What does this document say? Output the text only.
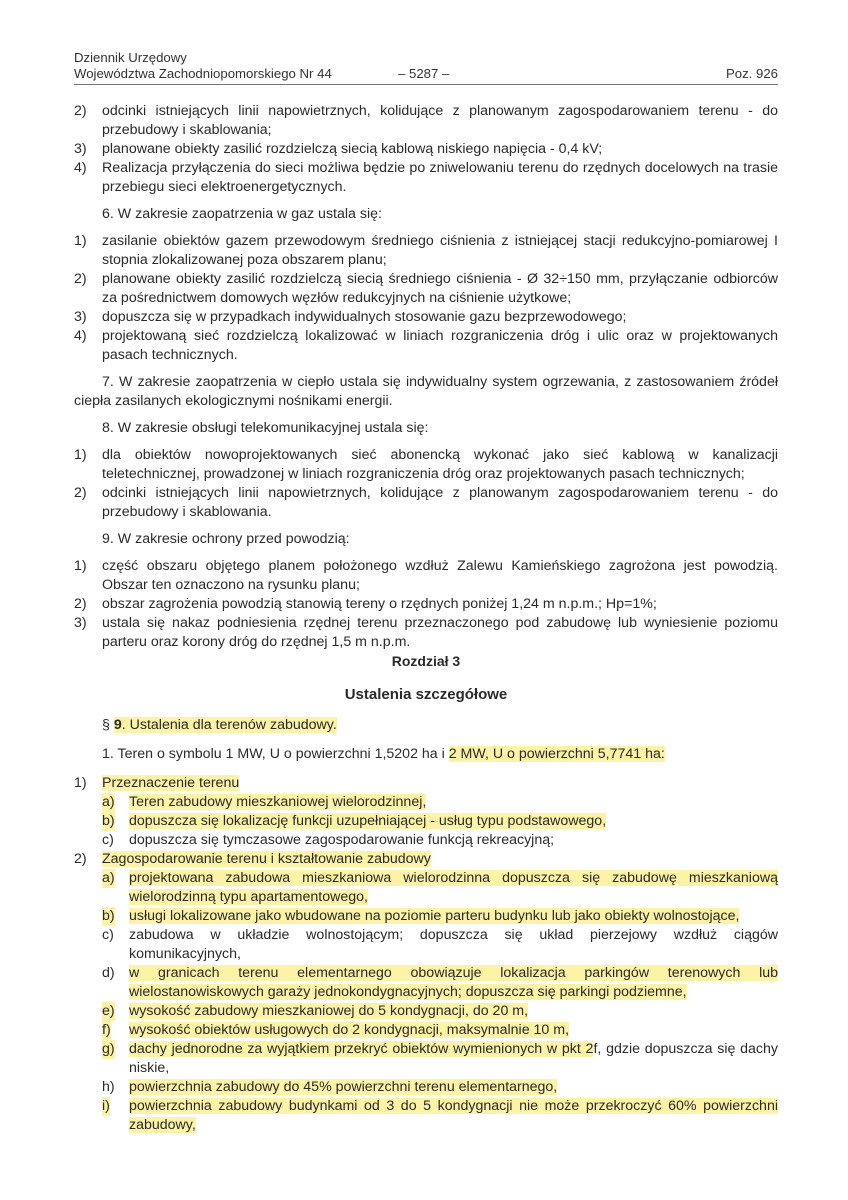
Dziennik Urzędowy
Województwa Zachodniopomorskiego Nr 44	– 5287 –	Poz. 926
2) odcinki istniejących linii napowietrznych, kolidujące z planowanym zagospodarowaniem terenu - do przebudowy i skablowania;
3) planowane obiekty zasilić rozdzielczą siecią kablową niskiego napięcia - 0,4 kV;
4) Realizacja przyłączenia do sieci możliwa będzie po zniwelowaniu terenu do rzędnych docelowych na trasie przebiegu sieci elektroenergetycznych.
6. W zakresie zaopatrzenia w gaz ustala się:
1) zasilanie obiektów gazem przewodowym średniego ciśnienia z istniejącej stacji redukcyjno-pomiarowej I stopnia zlokalizowanej poza obszarem planu;
2) planowane obiekty zasilić rozdzielczą siecią średniego ciśnienia - Ø 32÷150 mm, przyłączanie odbiorców za pośrednictwem domowych węzłów redukcyjnych na ciśnienie użytkowe;
3) dopuszcza się w przypadkach indywidualnych stosowanie gazu bezprzewodowego;
4) projektowaną sieć rozdzielczą lokalizować w liniach rozgraniczenia dróg i ulic oraz w projektowanych pasach technicznych.
7. W zakresie zaopatrzenia w ciepło ustala się indywidualny system ogrzewania, z zastosowaniem źródeł ciepła zasilanych ekologicznymi nośnikami energii.
8. W zakresie obsługi telekomunikacyjnej ustala się:
1) dla obiektów nowoprojektowanych sieć abonencką wykonać jako sieć kablową w kanalizacji teletechnicznej, prowadzonej w liniach rozgraniczenia dróg oraz projektowanych pasach technicznych;
2) odcinki istniejących linii napowietrznych, kolidujące z planowanym zagospodarowaniem terenu - do przebudowy i skablowania.
9. W zakresie ochrony przed powodzią:
1) część obszaru objętego planem położonego wzdłuż Zalewu Kamieńskiego zagrożona jest powodzią. Obszar ten oznaczono na rysunku planu;
2) obszar zagrożenia powodzią stanowią tereny o rzędnych poniżej 1,24 m n.p.m.; Hp=1%;
3) ustala się nakaz podniesienia rzędnej terenu przeznaczonego pod zabudowę lub wyniesienie poziomu parteru oraz korony dróg do rzędnej 1,5 m n.p.m.
Rozdział 3
Ustalenia szczegółowe
§ 9. Ustalenia dla terenów zabudowy.
1. Teren o symbolu 1 MW, U o powierzchni 1,5202 ha i 2 MW, U o powierzchni 5,7741 ha:
1) Przeznaczenie terenu
a) Teren zabudowy mieszkaniowej wielorodzinnej,
b) dopuszcza się lokalizację funkcji uzupełniającej - usług typu podstawowego,
c) dopuszcza się tymczasowe zagospodarowanie funkcją rekreacyjną;
2) Zagospodarowanie terenu i kształtowanie zabudowy
a) projektowana zabudowa mieszkaniowa wielorodzinna dopuszcza się zabudowę mieszkaniową wielorodzinną typu apartamentowego,
b) usługi lokalizowane jako wbudowane na poziomie parteru budynku lub jako obiekty wolnostojące,
c) zabudowa w układzie wolnostojącym; dopuszcza się układ pierzejowy wzdłuż ciągów komunikacyjnych,
d) w granicach terenu elementarnego obowiązuje lokalizacja parkingów terenowych lub wielostanowiskowych garaży jednokondygnacyjnych; dopuszcza się parkingi podziemne,
e) wysokość zabudowy mieszkaniowej do 5 kondygnacji, do 20 m,
f) wysokość obiektów usługowych do 2 kondygnacji, maksymalnie 10 m,
g) dachy jednorodne za wyjątkiem przekryć obiektów wymienionych w pkt 2f, gdzie dopuszcza się dachy niskie,
h) powierzchnia zabudowy do 45% powierzchni terenu elementarnego,
i) powierzchnia zabudowy budynkami od 3 do 5 kondygnacji nie może przekroczyć 60% powierzchni zabudowy,
